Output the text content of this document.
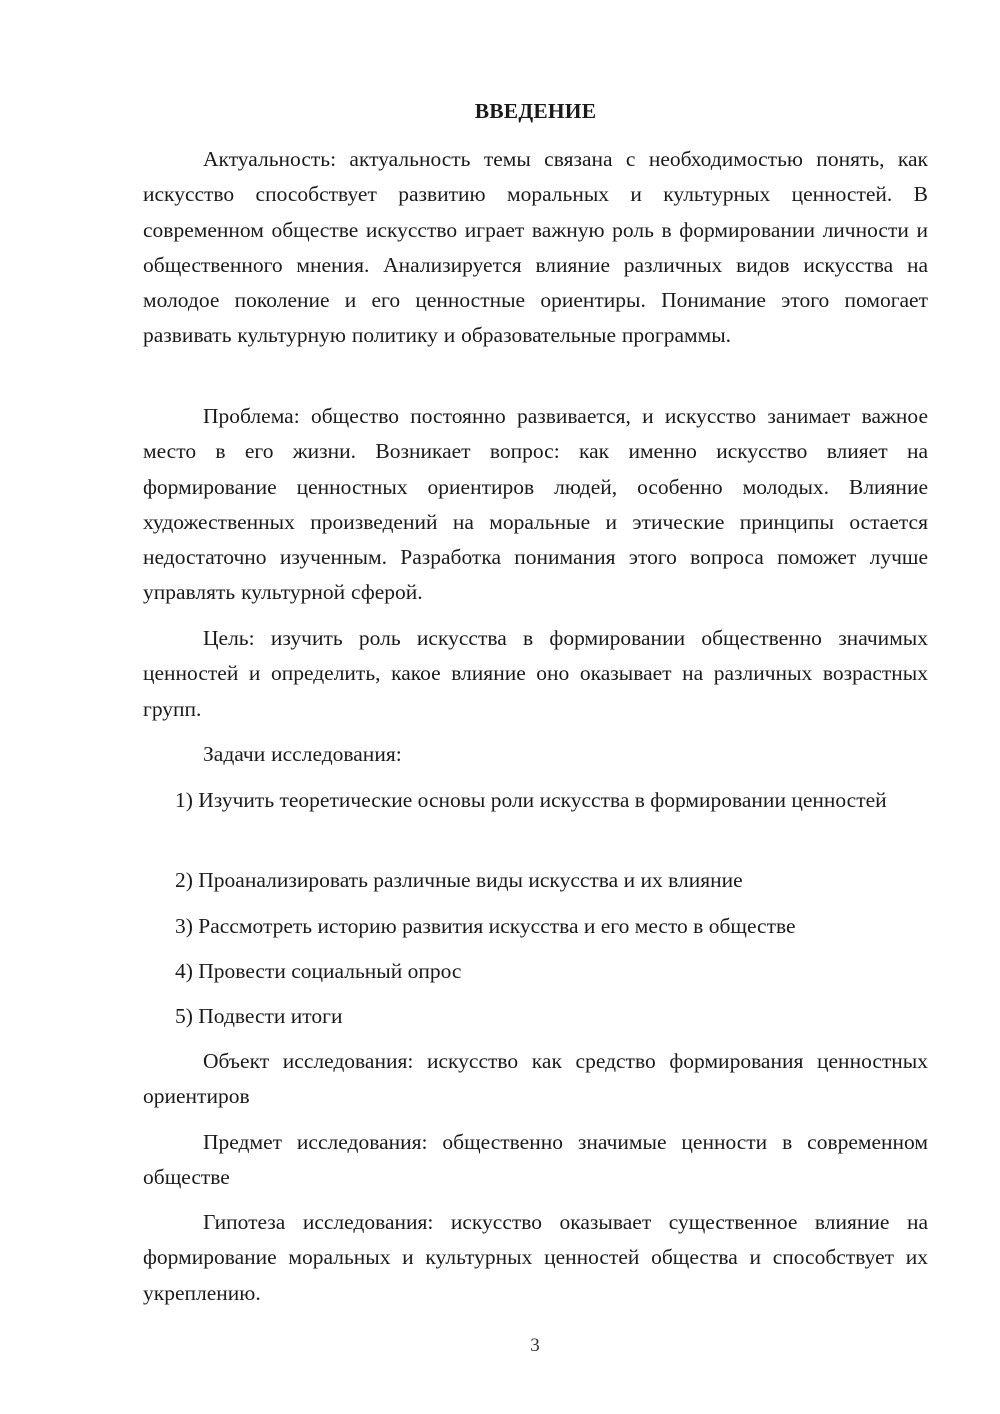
ВВЕДЕНИЕ

Актуальность: актуальность темы связана с необходимостью понять, как искусство способствует развитию моральных и культурных ценностей. В современном обществе искусство играет важную роль в формировании личности и общественного мнения. Анализируется влияние различных видов искусства на молодое поколение и его ценностные ориентиры. Понимание этого помогает развивать культурную политику и образовательные программы.

Проблема: общество постоянно развивается, и искусство занимает важное место в его жизни. Возникает вопрос: как именно искусство влияет на формирование ценностных ориентиров людей, особенно молодых. Влияние художественных произведений на моральные и этические принципы остается недостаточно изученным. Разработка понимания этого вопроса поможет лучше управлять культурной сферой.

Цель: изучить роль искусства в формировании общественно значимых ценностей и определить, какое влияние оно оказывает на различных возрастных групп.

Задачи исследования:

1) Изучить теоретические основы роли искусства в формировании ценностей

2) Проанализировать различные виды искусства и их влияние

3) Рассмотреть историю развития искусства и его место в обществе

4) Провести социальный опрос

5) Подвести итоги

Объект исследования: искусство как средство формирования ценностных ориентиров

Предмет исследования: общественно значимые ценности в современном обществе

Гипотеза исследования: искусство оказывает существенное влияние на формирование моральных и культурных ценностей общества и способствует их укреплению.

3
